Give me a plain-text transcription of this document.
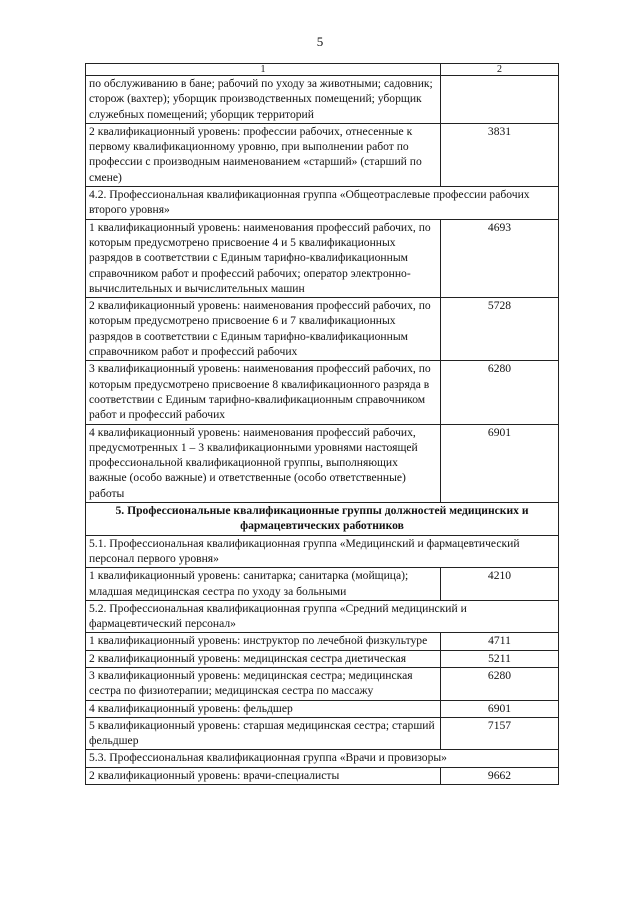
5
1	2
по обслуживанию в бане; рабочий по уходу за животными; садовник; сторож (вахтер); уборщик производственных помещений; уборщик служебных помещений; уборщик территорий	
2 квалификационный уровень: профессии рабочих, отнесенные к первому квалификационному уровню, при выполнении работ по профессии с производным наименованием «старший» (старший по смене)	3831
4.2. Профессиональная квалификационная группа «Общеотраслевые профессии рабочих второго уровня»	
1 квалификационный уровень: наименования профессий рабочих, по которым предусмотрено присвоение 4 и 5 квалификационных разрядов в соответствии с Единым тарифно-квалификационным справочником работ и профессий рабочих; оператор электронно-вычислительных и вычислительных машин	4693
2 квалификационный уровень: наименования профессий рабочих, по которым предусмотрено присвоение 6 и 7 квалификационных разрядов в соответствии с Единым тарифно-квалификационным справочником работ и профессий рабочих	5728
3 квалификационный уровень: наименования профессий рабочих, по которым предусмотрено присвоение 8 квалификационного разряда в соответствии с Единым тарифно-квалификационным справочником работ и профессий рабочих	6280
4 квалификационный уровень: наименования профессий рабочих, предусмотренных 1 – 3 квалификационными уровнями настоящей профессиональной квалификационной группы, выполняющих важные (особо важные) и ответственные (особо ответственные) работы	6901
5. Профессиональные квалификационные группы должностей медицинских и фармацевтических работников	
5.1. Профессиональная квалификационная группа «Медицинский и фармацевтический персонал первого уровня»	
1 квалификационный уровень: санитарка; санитарка (мойщица); младшая медицинская сестра по уходу за больными	4210
5.2. Профессиональная квалификационная группа «Средний медицинский и фармацевтический персонал»	
1 квалификационный уровень: инструктор по лечебной физкультуре	4711
2 квалификационный уровень: медицинская сестра диетическая	5211
3 квалификационный уровень: медицинская сестра; медицинская сестра по физиотерапии; медицинская сестра по массажу	6280
4 квалификационный уровень: фельдшер	6901
5 квалификационный уровень: старшая медицинская сестра; старший фельдшер	7157
5.3. Профессиональная квалификационная группа «Врачи и провизоры»	
2 квалификационный уровень: врачи-специалисты	9662
